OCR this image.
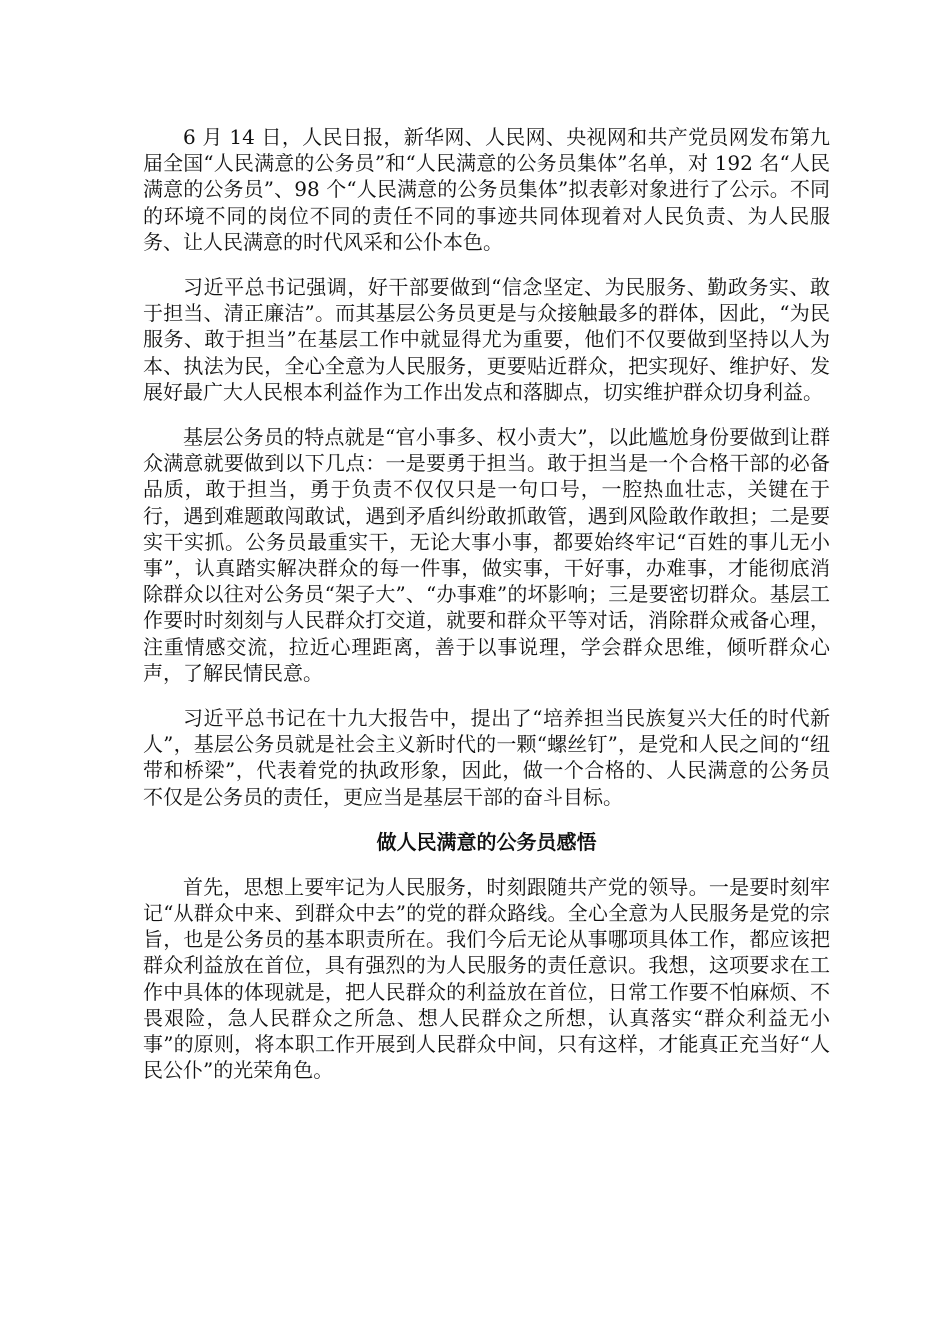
6 月 14 日，人民日报，新华网、人民网、央视网和共产党员网发布第九届全国“人民满意的公务员”和“人民满意的公务员集体”名单，对 192 名“人民满意的公务员”、98 个“人民满意的公务员集体”拟表彰对象进行了公示。不同的环境不同的岗位不同的责任不同的事迹共同体现着对人民负责、为人民服务、让人民满意的时代风采和公仆本色。

习近平总书记强调，好干部要做到“信念坚定、为民服务、勤政务实、敢于担当、清正廉洁”。而其基层公务员更是与众接触最多的群体，因此，“为民服务、敢于担当”在基层工作中就显得尤为重要，他们不仅要做到坚持以人为本、执法为民，全心全意为人民服务，更要贴近群众，把实现好、维护好、发展好最广大人民根本利益作为工作出发点和落脚点，切实维护群众切身利益。

基层公务员的特点就是“官小事多、权小责大”，以此尴尬身份要做到让群众满意就要做到以下几点：一是要勇于担当。敢于担当是一个合格干部的必备品质，敢于担当，勇于负责不仅仅只是一句口号，一腔热血壮志，关键在于行，遇到难题敢闯敢试，遇到矛盾纠纷敢抓敢管，遇到风险敢作敢担；二是要实干实抓。公务员最重实干，无论大事小事，都要始终牢记“百姓的事儿无小事”，认真踏实解决群众的每一件事，做实事，干好事，办难事，才能彻底消除群众以往对公务员“架子大”、“办事难”的坏影响；三是要密切群众。基层工作要时时刻刻与人民群众打交道，就要和群众平等对话，消除群众戒备心理，注重情感交流，拉近心理距离，善于以事说理，学会群众思维，倾听群众心声，了解民情民意。

习近平总书记在十九大报告中，提出了“培养担当民族复兴大任的时代新人”，基层公务员就是社会主义新时代的一颗“螺丝钉”，是党和人民之间的“纽带和桥梁”，代表着党的执政形象，因此，做一个合格的、人民满意的公务员不仅是公务员的责任，更应当是基层干部的奋斗目标。

做人民满意的公务员感悟

首先，思想上要牢记为人民服务，时刻跟随共产党的领导。一是要时刻牢记“从群众中来、到群众中去”的党的群众路线。全心全意为人民服务是党的宗旨，也是公务员的基本职责所在。我们今后无论从事哪项具体工作，都应该把群众利益放在首位，具有强烈的为人民服务的责任意识。我想，这项要求在工作中具体的体现就是，把人民群众的利益放在首位，日常工作要不怕麻烦、不畏艰险，急人民群众之所急、想人民群众之所想，认真落实“群众利益无小事”的原则，将本职工作开展到人民群众中间，只有这样，才能真正充当好“人民公仆”的光荣角色。
